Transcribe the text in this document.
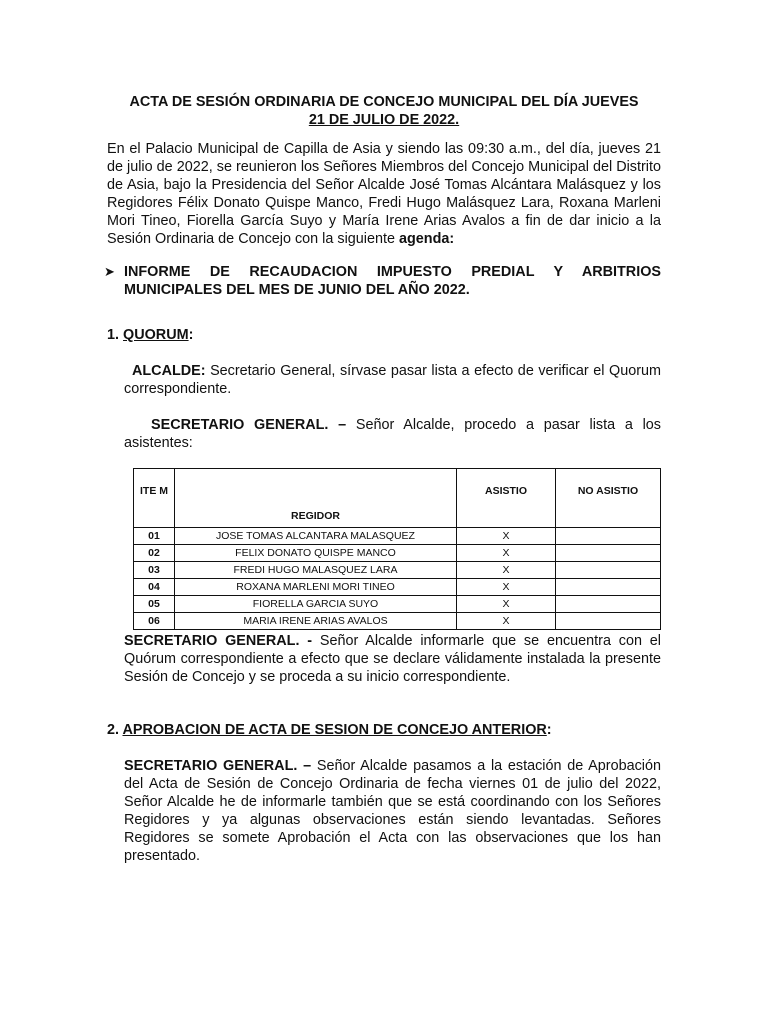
ACTA DE SESIÓN ORDINARIA DE CONCEJO MUNICIPAL DEL DÍA JUEVES
21 DE JULIO DE 2022.

En el Palacio Municipal de Capilla de Asia y siendo las 09:30 a.m., del día, jueves 21 de julio de 2022, se reunieron los Señores Miembros del Concejo Municipal del Distrito de Asia, bajo la Presidencia del Señor Alcalde José Tomas Alcántara Malásquez y los Regidores Félix Donato Quispe Manco, Fredi Hugo Malásquez Lara, Roxana Marleni Mori Tineo, Fiorella García Suyo y María Irene Arias Avalos a fin de dar inicio a la Sesión Ordinaria de Concejo con la siguiente agenda:

➤ INFORME DE RECAUDACION IMPUESTO PREDIAL Y ARBITRIOS MUNICIPALES DEL MES DE JUNIO DEL AÑO 2022.

1. QUORUM:

ALCALDE: Secretario General, sírvase pasar lista a efecto de verificar el Quorum correspondiente.

SECRETARIO GENERAL. – Señor Alcalde, procedo a pasar lista a los asistentes:

ITE M	REGIDOR	ASISTIO	NO ASISTIO
01	JOSE TOMAS ALCANTARA MALASQUEZ	X	
02	FELIX DONATO QUISPE MANCO	X	
03	FREDI HUGO MALASQUEZ LARA	X	
04	ROXANA MARLENI MORI TINEO	X	
05	FIORELLA GARCIA SUYO	X	
06	MARIA IRENE ARIAS AVALOS	X	

SECRETARIO GENERAL. - Señor Alcalde informarle que se encuentra con el Quórum correspondiente a efecto que se declare válidamente instalada la presente Sesión de Concejo y se proceda a su inicio correspondiente.

2. APROBACION DE ACTA DE SESION DE CONCEJO ANTERIOR:

SECRETARIO GENERAL. – Señor Alcalde pasamos a la estación de Aprobación del Acta de Sesión de Concejo Ordinaria de fecha viernes 01 de julio del 2022, Señor Alcalde he de informarle también que se está coordinando con los Señores Regidores y ya algunas observaciones están siendo levantadas. Señores Regidores se somete Aprobación el Acta con las observaciones que los han presentado.
